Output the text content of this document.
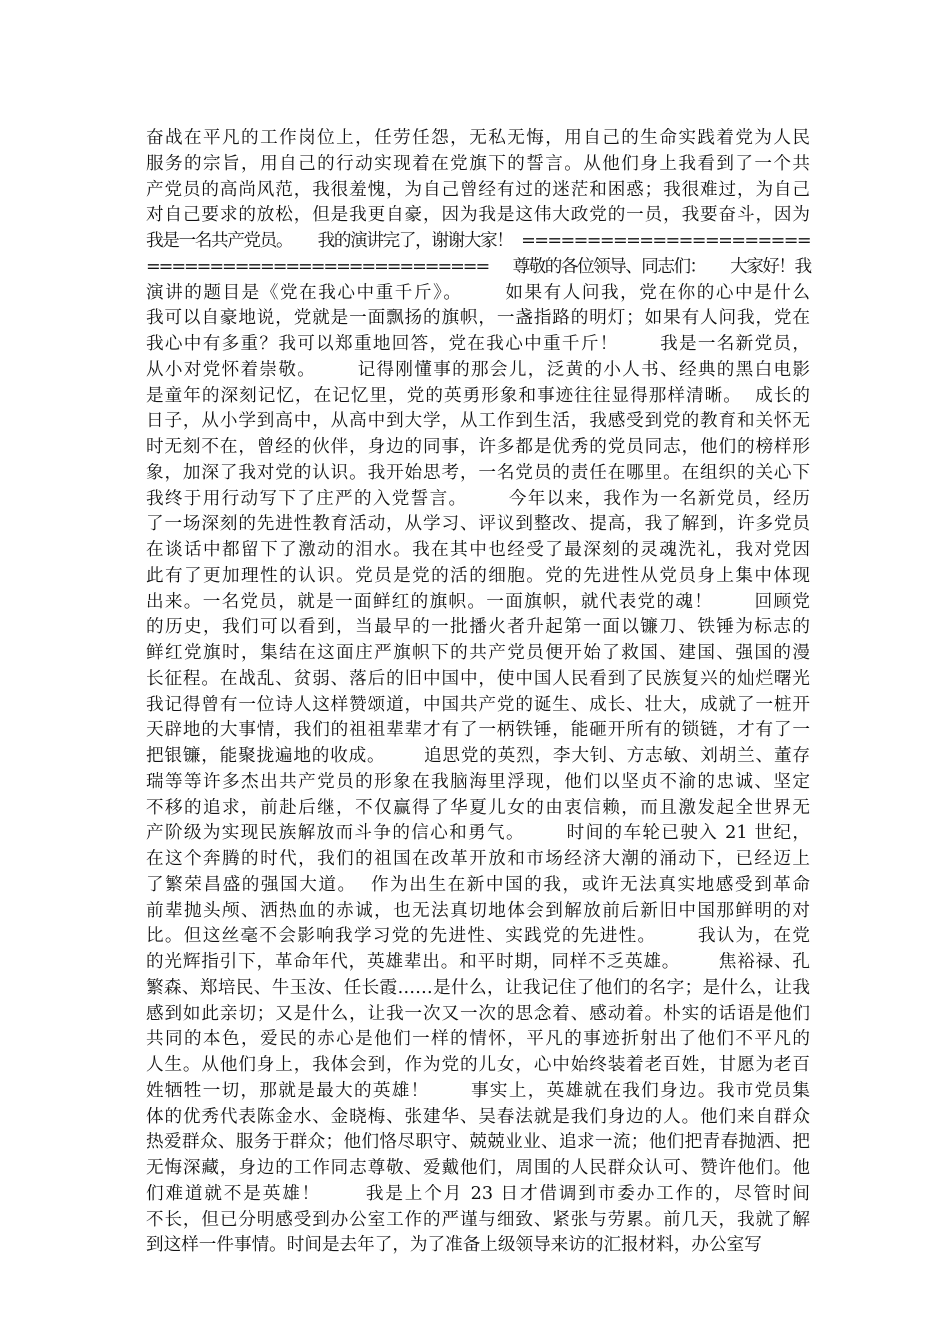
奋战在平凡的工作岗位上，任劳任怨，无私无悔，用自己的生命实践着党为人民
服务的宗旨，用自己的行动实现着在党旗下的誓言。从他们身上我看到了一个共
产党员的高尚风范，我很羞愧，为自己曾经有过的迷茫和困惑；我很难过，为自己
对自己要求的放松，但是我更自豪，因为我是这伟大政党的一员，我要奋斗，因为
我是一名共产党员。      我的演讲完了，谢谢大家！  ======================
===========================      尊敬的各位领导、同志们：      大家好！我
演讲的题目是《党在我心中重千斤》。      如果有人问我，党在你的心中是什么
我可以自豪地说，党就是一面飘扬的旗帜，一盏指路的明灯；如果有人问我，党在
我心中有多重？我可以郑重地回答，党在我心中重千斤！      我是一名新党员，
从小对党怀着崇敬。      记得刚懂事的那会儿，泛黄的小人书、经典的黑白电影
是童年的深刻记忆，在记忆里，党的英勇形象和事迹往往显得那样清晰。  成长的
日子，从小学到高中，从高中到大学，从工作到生活，我感受到党的教育和关怀无
时无刻不在，曾经的伙伴，身边的同事，许多都是优秀的党员同志，他们的榜样形
象，加深了我对党的认识。我开始思考，一名党员的责任在哪里。在组织的关心下
我终于用行动写下了庄严的入党誓言。      今年以来，我作为一名新党员，经历
了一场深刻的先进性教育活动，从学习、评议到整改、提高，我了解到，许多党员
在谈话中都留下了激动的泪水。我在其中也经受了最深刻的灵魂洗礼，我对党因
此有了更加理性的认识。党员是党的活的细胞。党的先进性从党员身上集中体现
出来。一名党员，就是一面鲜红的旗帜。一面旗帜，就代表党的魂！      回顾党
的历史，我们可以看到，当最早的一批播火者升起第一面以镰刀、铁锤为标志的
鲜红党旗时，集结在这面庄严旗帜下的共产党员便开始了救国、建国、强国的漫
长征程。在战乱、贫弱、落后的旧中国中，使中国人民看到了民族复兴的灿烂曙光
我记得曾有一位诗人这样赞颂道，中国共产党的诞生、成长、壮大，成就了一桩开
天辟地的大事情，我们的祖祖辈辈才有了一柄铁锤，能砸开所有的锁链，才有了一
把银镰，能聚拢遍地的收成。      追思党的英烈，李大钊、方志敏、刘胡兰、董存
瑞等等许多杰出共产党员的形象在我脑海里浮现，他们以坚贞不渝的忠诚、坚定
不移的追求，前赴后继，不仅赢得了华夏儿女的由衷信赖，而且激发起全世界无
产阶级为实现民族解放而斗争的信心和勇气。      时间的车轮已驶入 21 世纪，
在这个奔腾的时代，我们的祖国在改革开放和市场经济大潮的涌动下，已经迈上
了繁荣昌盛的强国大道。  作为出生在新中国的我，或许无法真实地感受到革命
前辈抛头颅、洒热血的赤诚，也无法真切地体会到解放前后新旧中国那鲜明的对
比。但这丝毫不会影响我学习党的先进性、实践党的先进性。      我认为，在党
的光辉指引下，革命年代，英雄辈出。和平时期，同样不乏英雄。      焦裕禄、孔
繁森、郑培民、牛玉汝、任长霞……是什么，让我记住了他们的名字；是什么，让我
感到如此亲切；又是什么，让我一次又一次的思念着、感动着。朴实的话语是他们
共同的本色，爱民的赤心是他们一样的情怀，平凡的事迹折射出了他们不平凡的
人生。从他们身上，我体会到，作为党的儿女，心中始终装着老百姓，甘愿为老百
姓牺牲一切，那就是最大的英雄！      事实上，英雄就在我们身边。我市党员集
体的优秀代表陈金水、金晓梅、张建华、吴春法就是我们身边的人。他们来自群众
热爱群众、服务于群众；他们恪尽职守、兢兢业业、追求一流；他们把青春抛洒、把
无悔深藏，身边的工作同志尊敬、爱戴他们，周围的人民群众认可、赞许他们。他
们难道就不是英雄！      我是上个月 23 日才借调到市委办工作的，尽管时间
不长，但已分明感受到办公室工作的严谨与细致、紧张与劳累。前几天，我就了解
到这样一件事情。时间是去年了，为了准备上级领导来访的汇报材料，办公室写
